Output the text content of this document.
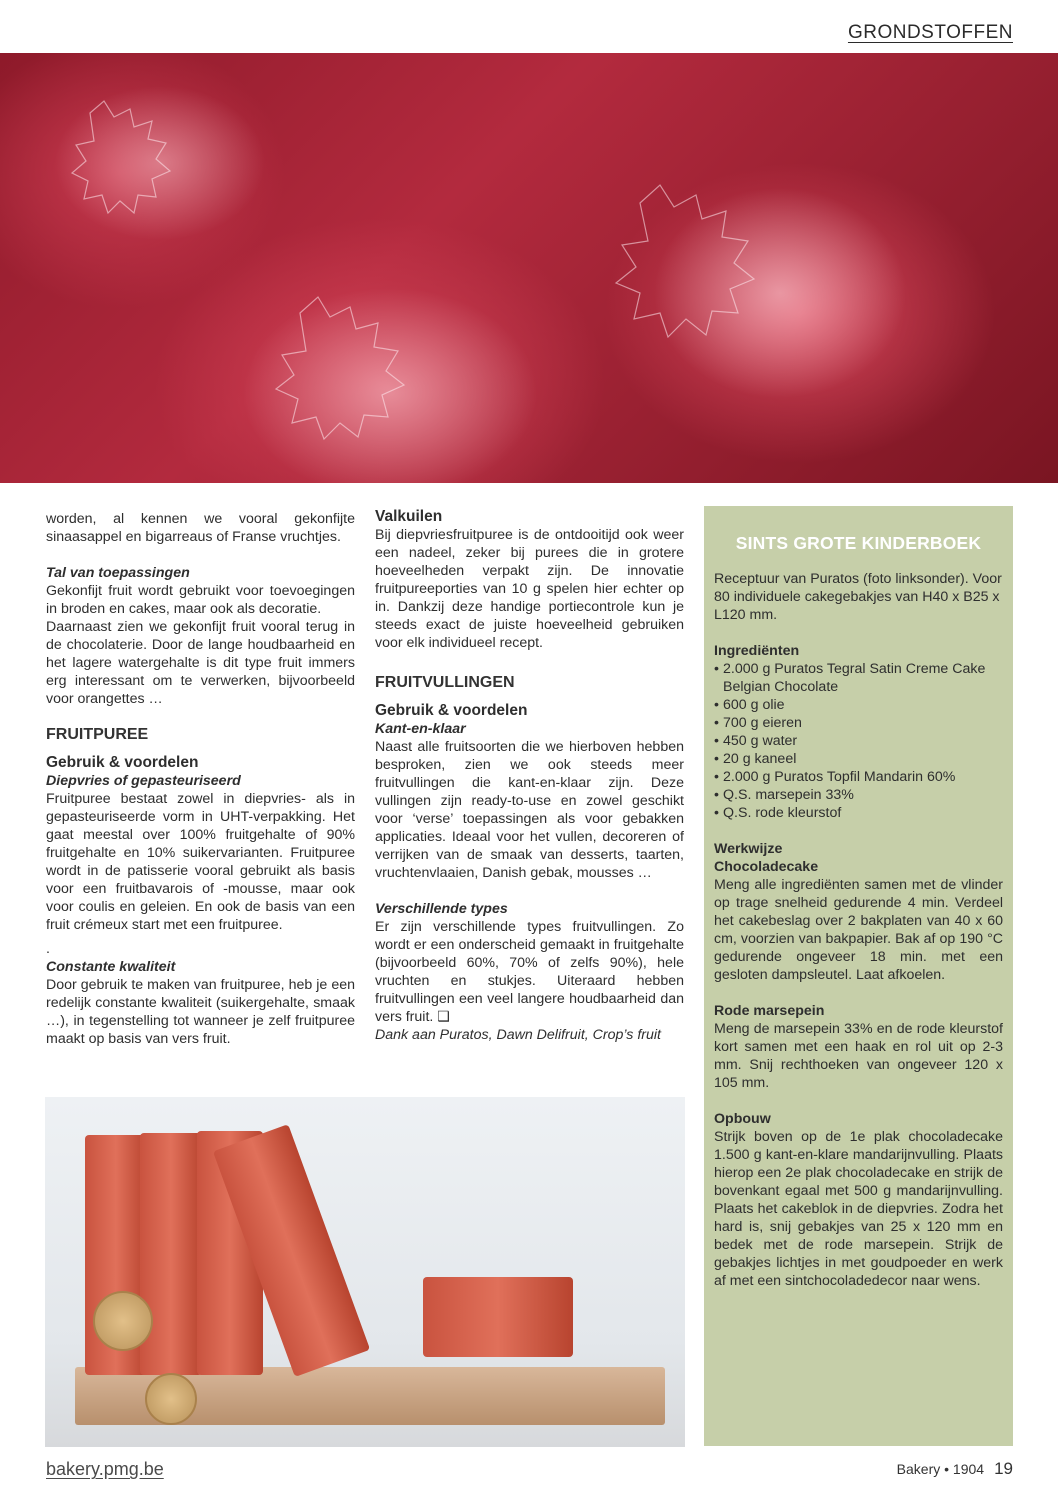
GRONDSTOFFEN

worden, al kennen we vooral gekonfijte sinaasappel en bigarreaus of Franse vruchtjes.

Tal van toepassingen

Gekonfijt fruit wordt gebruikt voor toevoegingen in broden en cakes, maar ook als decoratie.

Daarnaast zien we gekonfijt fruit vooral terug in de chocolaterie. Door de lange houdbaarheid en het lagere watergehalte is dit type fruit immers erg interessant om te verwerken, bijvoorbeeld voor orangettes …

FRUITPUREE

Gebruik & voordelen

Diepvries of gepasteuriseerd

Fruitpuree bestaat zowel in diepvries- als in gepasteuriseerde vorm in UHT-verpakking. Het gaat meestal over 100% fruitgehalte of 90% fruitgehalte en 10% suikervarianten. Fruitpuree wordt in de patisserie vooral gebruikt als basis voor een fruitbavarois of -mousse, maar ook voor coulis en geleien. En ook de basis van een fruit crémeux start met een fruitpuree.

.

Constante kwaliteit

Door gebruik te maken van fruitpuree, heb je een redelijk constante kwaliteit (suikergehalte, smaak …), in tegenstelling tot wanneer je zelf fruitpuree maakt op basis van vers fruit.

Valkuilen

Bij diepvriesfruitpuree is de ontdooitijd ook weer een nadeel, zeker bij purees die in grotere hoeveelheden verpakt zijn. De innovatie fruitpureeporties van 10 g spelen hier echter op in. Dankzij deze handige portiecontrole kun je steeds exact de juiste hoeveelheid gebruiken voor elk individueel recept.

FRUITVULLINGEN

Gebruik & voordelen

Kant-en-klaar

Naast alle fruitsoorten die we hierboven hebben besproken, zien we ook steeds meer fruitvullingen die kant-en-klaar zijn. Deze vullingen zijn ready-to-use en zowel geschikt voor ‘verse’ toepassingen als voor gebakken applicaties. Ideaal voor het vullen, decoreren of verrijken van de smaak van desserts, taarten, vruchtenvlaaien, Danish gebak, mousses …

Verschillende types

Er zijn verschillende types fruitvullingen. Zo wordt er een onderscheid gemaakt in fruitgehalte (bijvoorbeeld 60%, 70% of zelfs 90%), hele vruchten en stukjes. Uiteraard hebben fruitvullingen een veel langere houdbaarheid dan vers fruit. ❑

Dank aan Puratos, Dawn Delifruit, Crop’s fruit

SINTS GROTE KINDERBOEK

Receptuur van Puratos (foto linksonder). Voor 80 individuele cakegebakjes van H40 x B25 x L120 mm.

Ingrediënten

• 2.000 g Puratos Tegral Satin Creme Cake Belgian Chocolate
• 600 g olie
• 700 g eieren
• 450 g water
• 20 g kaneel
• 2.000 g Puratos Topfil Mandarin 60%
• Q.S. marsepein 33%
• Q.S. rode kleurstof

Werkwijze

Chocoladecake

Meng alle ingrediënten samen met de vlinder op trage snelheid gedurende 4 min. Verdeel het cakebeslag over 2 bakplaten van 40 x 60 cm, voorzien van bakpapier. Bak af op 190 °C gedurende ongeveer 18 min. met een gesloten dampsleutel. Laat afkoelen.

Rode marsepein

Meng de marsepein 33% en de rode kleurstof kort samen met een haak en rol uit op 2-3 mm. Snij rechthoeken van ongeveer 120 x 105 mm.

Opbouw

Strijk boven op de 1e plak chocoladecake 1.500 g kant-en-klare mandarijnvulling. Plaats hierop een 2e plak chocoladecake en strijk de bovenkant egaal met 500 g mandarijnvulling. Plaats het cakeblok in de diepvries. Zodra het hard is, snij gebakjes van 25 x 120 mm en bedek met de rode marsepein. Strijk de gebakjes lichtjes in met goudpoeder en werk af met een sintchocoladedecor naar wens.

bakery.pmg.be	Bakery • 1904 19
